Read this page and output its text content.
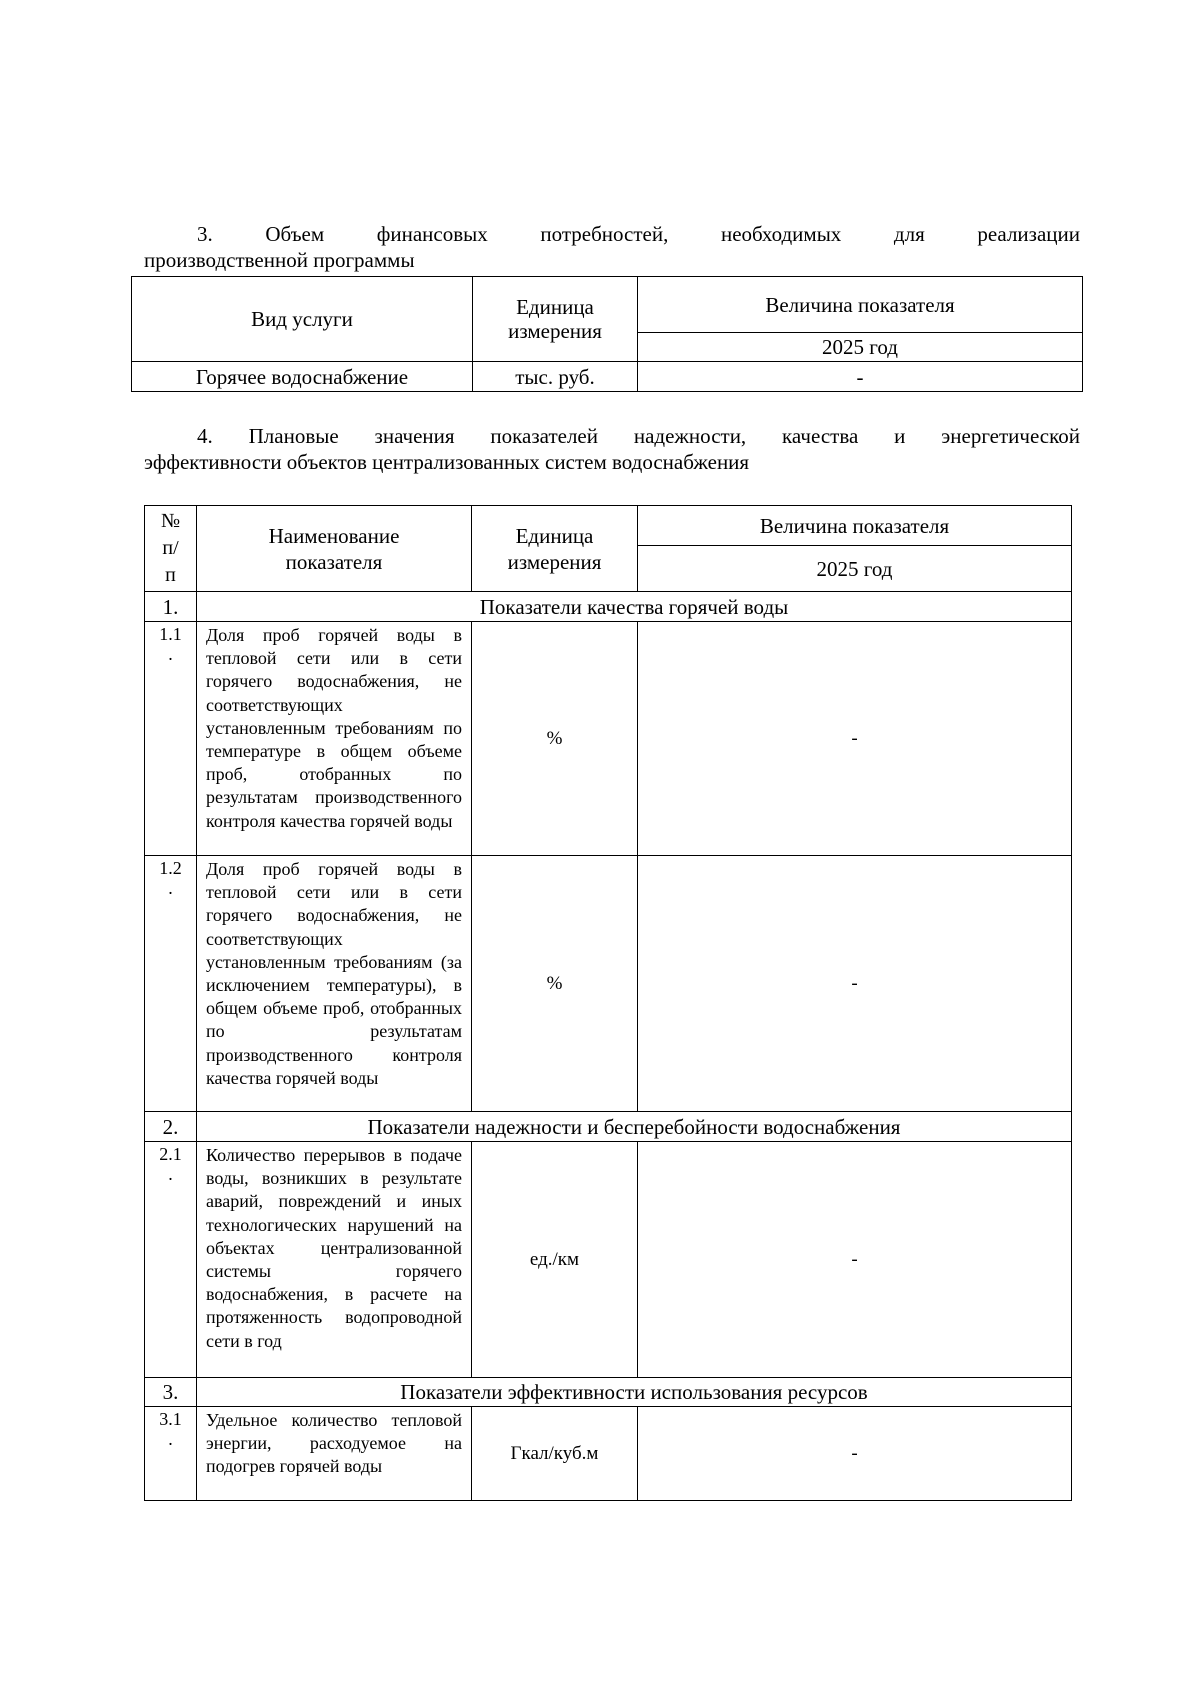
3. Объем финансовых потребностей, необходимых для реализации
производственной программы
Вид услуги	Единица измерения	Величина показателя
		2025 год
Горячее водоснабжение	тыс. руб.	-
4. Плановые значения показателей надежности, качества и энергетической
эффективности объектов централизованных систем водоснабжения
№ п/ п	Наименование показателя	Единица измерения	Величина показателя
			2025 год
1.	Показатели качества горячей воды		
1.1 .	Доля проб горячей воды в тепловой сети или в сети горячего водоснабжения, не соответствующих установленным требованиям по температуре в общем объеме проб, отобранных по результатам производственного контроля качества горячей воды	%	-
1.2 .	Доля проб горячей воды в тепловой сети или в сети горячего водоснабжения, не соответствующих установленным требованиям (за исключением температуры), в общем объеме проб, отобранных по результатам производственного контроля качества горячей воды	%	-
2.	Показатели надежности и бесперебойности водоснабжения		
2.1 .	Количество перерывов в подаче воды, возникших в результате аварий, повреждений и иных технологических нарушений на объектах централизованной системы горячего водоснабжения, в расчете на протяженность водопроводной сети в год	ед./км	-
3.	Показатели эффективности использования ресурсов		
3.1 .	Удельное количество тепловой энергии, расходуемое на подогрев горячей воды	Гкал/куб.м	-
